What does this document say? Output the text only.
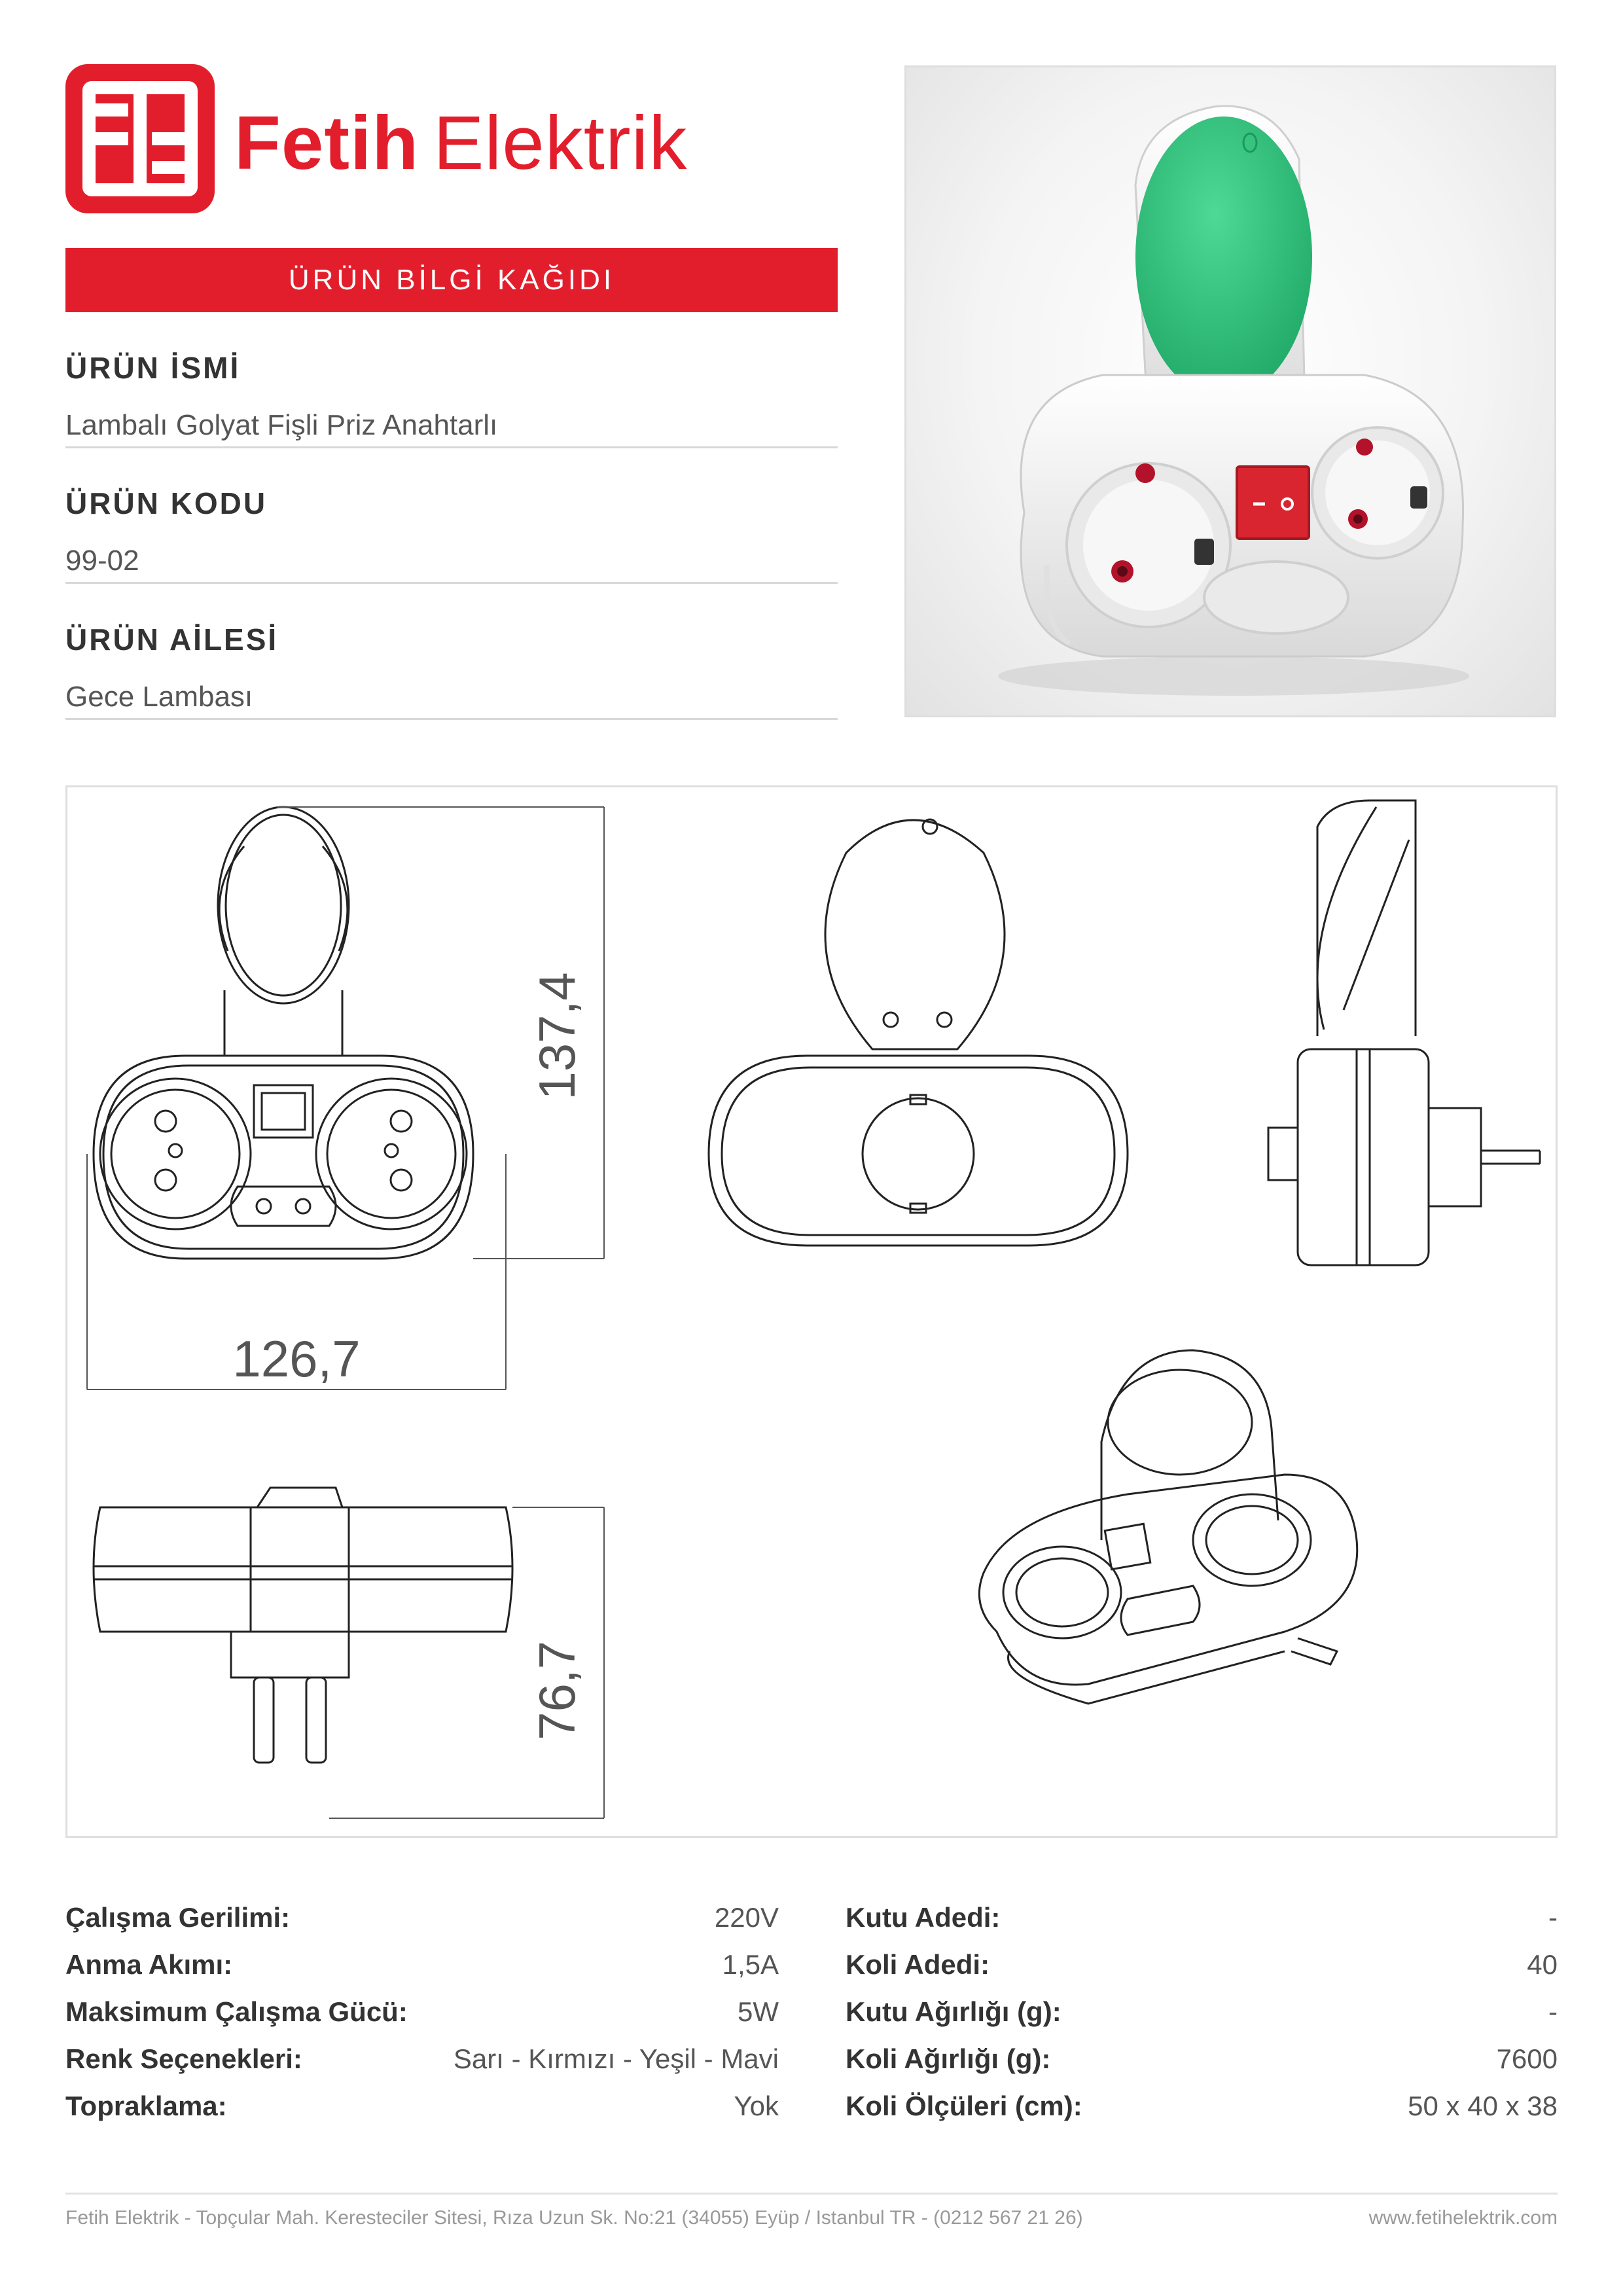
Fetih Elektrik
ÜRÜN BİLGİ KAĞIDI
ÜRÜN İSMİ
Lambalı Golyat Fişli Priz Anahtarlı
ÜRÜN KODU
99-02
ÜRÜN AİLESİ
Gece Lambası
137,4
126,7
76,7
Çalışma Gerilimi:	220V
Anma Akımı:	1,5A
Maksimum Çalışma Gücü:	5W
Renk Seçenekleri:	Sarı - Kırmızı - Yeşil - Mavi
Topraklama:	Yok
Kutu Adedi:	-
Koli Adedi:	40
Kutu Ağırlığı (g):	-
Koli Ağırlığı (g):	7600
Koli Ölçüleri (cm):	50 x 40 x 38
Fetih Elektrik - Topçular Mah. Keresteciler Sitesi, Rıza Uzun Sk. No:21 (34055) Eyüp / Istanbul TR - (0212 567 21 26)	www.fetihelektrik.com
